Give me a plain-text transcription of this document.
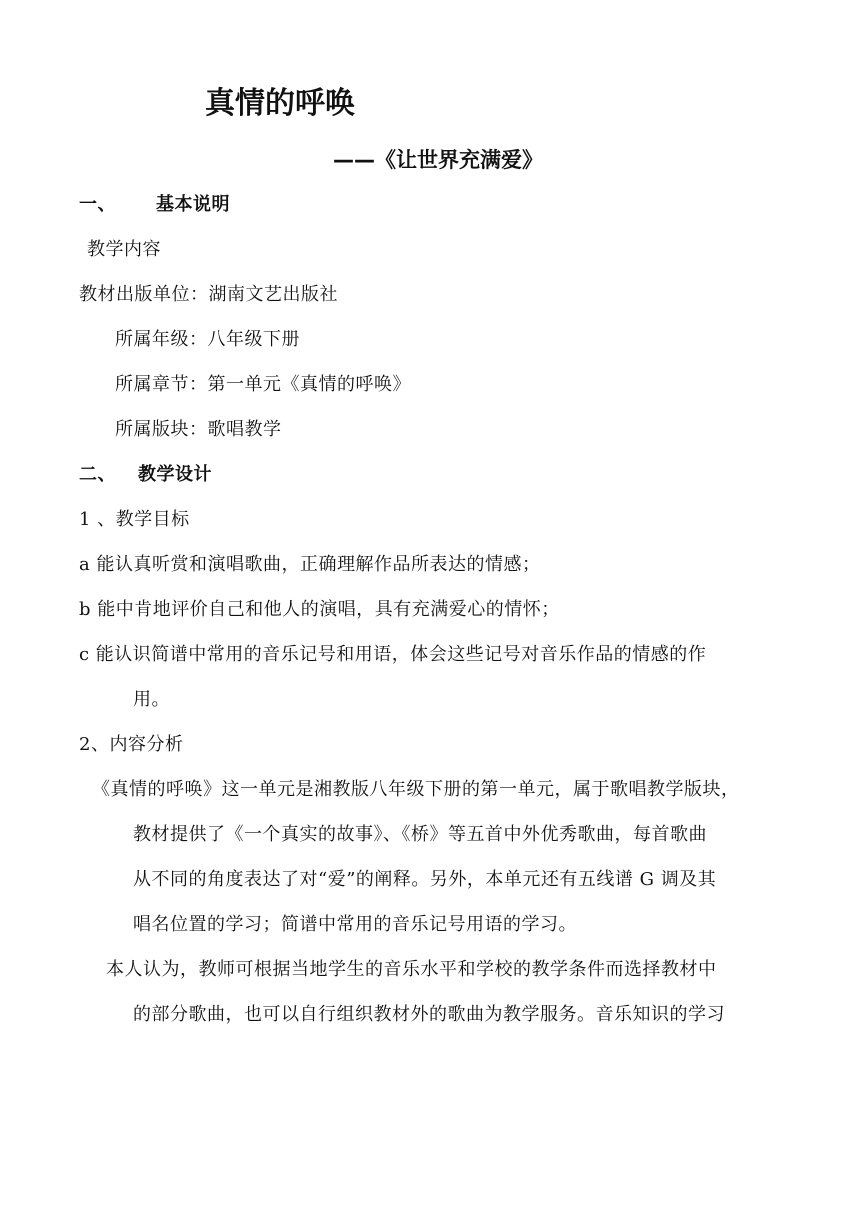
真情的呼唤
——《让世界充满爱》
一、 基本说明
教学内容
教材出版单位：湖南文艺出版社
所属年级：八年级下册
所属章节：第一单元《真情的呼唤》
所属版块：歌唱教学
二、 教学设计
1 、教学目标
a 能认真听赏和演唱歌曲，正确理解作品所表达的情感；
b 能中肯地评价自己和他人的演唱，具有充满爱心的情怀；
c 能认识简谱中常用的音乐记号和用语，体会这些记号对音乐作品的情感的作
用。
2、内容分析
《真情的呼唤》这一单元是湘教版八年级下册的第一单元，属于歌唱教学版块，
教材提供了《一个真实的故事》、《桥》等五首中外优秀歌曲，每首歌曲
从不同的角度表达了对“爱”的阐释。另外，本单元还有五线谱 G 调及其
唱名位置的学习；简谱中常用的音乐记号用语的学习。
本人认为，教师可根据当地学生的音乐水平和学校的教学条件而选择教材中
的部分歌曲，也可以自行组织教材外的歌曲为教学服务。音乐知识的学习
